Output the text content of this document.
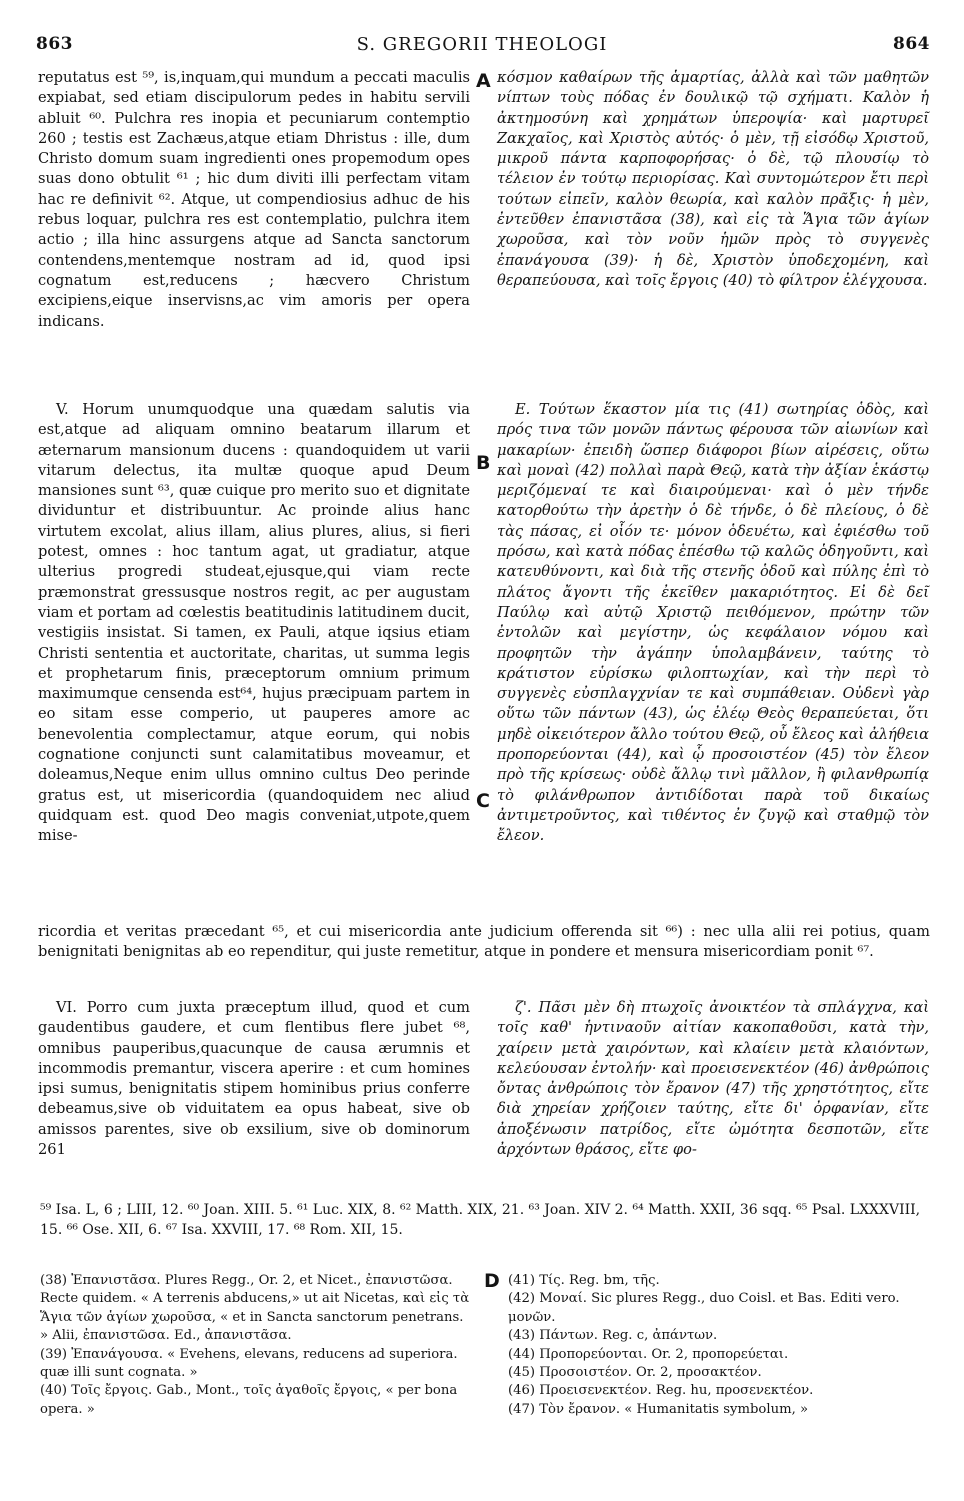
863	S. GREGORII THEOLOGI	864

reputatus est ⁵⁹, is,inquam,qui mundum a peccati maculis expiabat, sed etiam discipulorum pedes in habitu servili abluit ⁶⁰. Pulchra res inopia et pecuniarum contemptio 260 ; testis est Zachæus,atque etiam Dhristus : ille, dum Christo domum suam ingredienti ones propemodum opes suas dono obtulit ⁶¹ ; hic dum diviti illi perfectam vitam hac re definivit ⁶². Atque, ut compendiosius adhuc de his rebus loquar, pulchra res est contemplatio, pulchra item actio ; illa hinc assurgens atque ad Sancta sanctorum contendens,mentemque nostram ad id, quod ipsi cognatum est,reducens ; hæcvero Christum excipiens,eique inservisns,ac vim amoris per opera indicans.

κόσμον καθαίρων τῆς ἁμαρτίας, ἀλλὰ καὶ τῶν μαθητῶν νίπτων τοὺς πόδας ἐν δουλικῷ τῷ σχήματι. Καλὸν ἡ ἀκτημοσύνη καὶ χρημάτων ὑπεροψία· καὶ μαρτυρεῖ Ζακχαῖος, καὶ Χριστὸς αὐτός· ὁ μὲν, τῇ εἰσόδῳ Χριστοῦ, μικροῦ πάντα καρποφορήσας· ὁ δὲ, τῷ πλουσίῳ τὸ τέλειον ἐν τούτῳ περιορίσας. Καὶ συντομώτερον ἔτι περὶ τούτων εἰπεῖν, καλὸν θεωρία, καὶ καλὸν πρᾶξις· ἡ μὲν, ἐντεῦθεν ἐπανιστᾶσα (38), καὶ εἰς τὰ Ἅγια τῶν ἁγίων χωροῦσα, καὶ τὸν νοῦν ἡμῶν πρὸς τὸ συγγενὲς ἐπανάγουσα (39)· ἡ δὲ, Χριστὸν ὑποδεχομένη, καὶ θεραπεύουσα, καὶ τοῖς ἔργοις (40) τὸ φίλτρον ἐλέγχουσα.

A
B
C
D

V. Horum unumquodque una quædam salutis via est,atque ad aliquam omnino beatarum illarum et æternarum mansionum ducens : quandoquidem ut varii vitarum delectus, ita multæ quoque apud Deum mansiones sunt ⁶³, quæ cuique pro merito suo et dignitate dividuntur et distribuuntur. Ac proinde alius hanc virtutem excolat, alius illam, alius plures, alius, si fieri potest, omnes : hoc tantum agat, ut gradiatur, atque ulterius progredi studeat,ejusque,qui viam recte præmonstrat gressusque nostros regit, ac per augustam viam et portam ad cœlestis beatitudinis latitudinem ducit, vestigiis insistat. Si tamen, ex Pauli, atque iqsius etiam Christi sententia et auctoritate, charitas, ut summa legis et prophetarum finis, præceptorum omnium primum maximumque censenda est⁶⁴, hujus præcipuam partem in eo sitam esse comperio, ut pauperes amore ac benevolentia complectamur, atque eorum, qui nobis cognatione conjuncti sunt calamitatibus moveamur, et doleamus,Neque enim ullus omnino cultus Deo perinde gratus est, ut misericordia (quandoquidem nec aliud quidquam est. quod Deo magis conveniat,utpote,quem mise-

Ε. Τούτων ἕκαστον μία τις (41) σωτηρίας ὁδὸς, καὶ πρός τινα τῶν μονῶν πάντως φέρουσα τῶν αἰωνίων καὶ μακαρίων· ἐπειδὴ ὥσπερ διάφοροι βίων αἱρέσεις, οὕτω καὶ μοναὶ (42) πολλαὶ παρὰ Θεῷ, κατὰ τὴν ἀξίαν ἑκάστῳ μεριζόμεναί τε καὶ διαιρούμεναι· καὶ ὁ μὲν τήνδε κατορθούτω τὴν ἀρετὴν ὁ δὲ τήνδε, ὁ δὲ πλείους, ὁ δὲ τὰς πάσας, εἰ οἷόν τε· μόνον ὁδευέτω, καὶ ἐφιέσθω τοῦ πρόσω, καὶ κατὰ πόδας ἑπέσθω τῷ καλῶς ὁδηγοῦντι, καὶ κατευθύνοντι, καὶ διὰ τῆς στενῆς ὁδοῦ καὶ πύλης ἐπὶ τὸ πλάτος ἄγοντι τῆς ἐκεῖθεν μακαριότητος. Εἰ δὲ δεῖ Παύλῳ καὶ αὐτῷ Χριστῷ πειθόμενον, πρώτην τῶν ἐντολῶν καὶ μεγίστην, ὡς κεφάλαιον νόμου καὶ προφητῶν τὴν ἀγάπην ὑπολαμβάνειν, ταύτης τὸ κράτιστον εὑρίσκω φιλοπτωχίαν, καὶ τὴν περὶ τὸ συγγενὲς εὐσπλαγχνίαν τε καὶ συμπάθειαν. Οὐδενὶ γὰρ οὕτω τῶν πάντων (43), ὡς ἐλέῳ Θεὸς θεραπεύεται, ὅτι μηδὲ οἰκειότερον ἄλλο τούτου Θεῷ, οὗ ἔλεος καὶ ἀλήθεια προπορεύονται (44), καὶ ᾧ προσοιστέον (45) τὸν ἔλεον πρὸ τῆς κρίσεως· οὐδὲ ἄλλῳ τινὶ μᾶλλον, ἢ φιλανθρωπίᾳ τὸ φιλάνθρωπον ἀντιδίδοται παρὰ τοῦ δικαίως ἀντιμετροῦντος, καὶ τιθέντος ἐν ζυγῷ καὶ σταθμῷ τὸν ἔλεον.

ricordia et veritas præcedant ⁶⁵, et cui misericordia ante judicium offerenda sit ⁶⁶) : nec ulla alii rei potius, quam benignitati benignitas ab eo rependitur, qui juste remetitur, atque in pondere et mensura misericordiam ponit ⁶⁷.

VI. Porro cum juxta præceptum illud, quod et cum gaudentibus gaudere, et cum flentibus flere jubet ⁶⁸, omnibus pauperibus,quacunque de causa ærumnis et incommodis premantur, viscera aperire : et cum homines ipsi sumus, benignitatis stipem hominibus prius conferre debeamus,sive ob viduitatem ea opus habeat, sive ob amissos parentes, sive ob exsilium, sive ob dominorum 261

ζ'. Πᾶσι μὲν δὴ πτωχοῖς ἀνοικτέον τὰ σπλάγχνα, καὶ τοῖς καθ' ἡντιναοῦν αἰτίαν κακοπαθοῦσι, κατὰ τὴν, χαίρειν μετὰ χαιρόντων, καὶ κλαίειν μετὰ κλαιόντων, κελεύουσαν ἐντολήν· καὶ προεισενεκτέον (46) ἀνθρώποις ὄντας ἀνθρώποις τὸν ἔρανον (47) τῆς χρηστότητος, εἴτε διὰ χηρείαν χρήζοιεν ταύτης, εἴτε δι' ὀρφανίαν, εἴτε ἀποξένωσιν πατρίδος, εἴτε ὠμότητα δεσποτῶν, εἴτε ἀρχόντων θράσος, εἴτε φο-

⁵⁹ Isa. L, 6 ; LIII, 12. ⁶⁰ Joan. XIII. 5. ⁶¹ Luc. XIX, 8. ⁶² Matth. XIX, 21. ⁶³ Joan. XIV 2. ⁶⁴ Matth. XXII, 36 sqq. ⁶⁵ Psal. LXXXVIII, 15. ⁶⁶ Ose. XII, 6. ⁶⁷ Isa. XXVIII, 17. ⁶⁸ Rom. XII, 15.

(38) Ἐπανιστᾶσα. Plures Regg., Or. 2, et Nicet., ἐπανιστῶσα. Recte quidem. « A terrenis abducens,» ut ait Nicetas, καὶ εἰς τὰ Ἅγια τῶν ἁγίων χωροῦσα, « et in Sancta sanctorum penetrans. » Alii, ἐπανιστῶσα. Ed., ἀπανιστᾶσα.

(39) Ἐπανάγουσα. « Evehens, elevans, reducens ad superiora. quæ illi sunt cognata. »

(40) Τοῖς ἔργοις. Gab., Mont., τοῖς ἀγαθοῖς ἔργοις, « per bona opera. »

(41) Τίς. Reg. bm, τῆς.

(42) Μοναί. Sic plures Regg., duo Coisl. et Bas. Editi vero. μονῶν.

(43) Πάντων. Reg. c, ἀπάντων.

(44) Προπορεύονται. Or. 2, προπορεύεται.

(45) Προσοιστέον. Or. 2, προσακτέον.

(46) Προεισενεκτέον. Reg. hu, προσενεκτέον.

(47) Τὸν ἔρανον. « Humanitatis symbolum, »
